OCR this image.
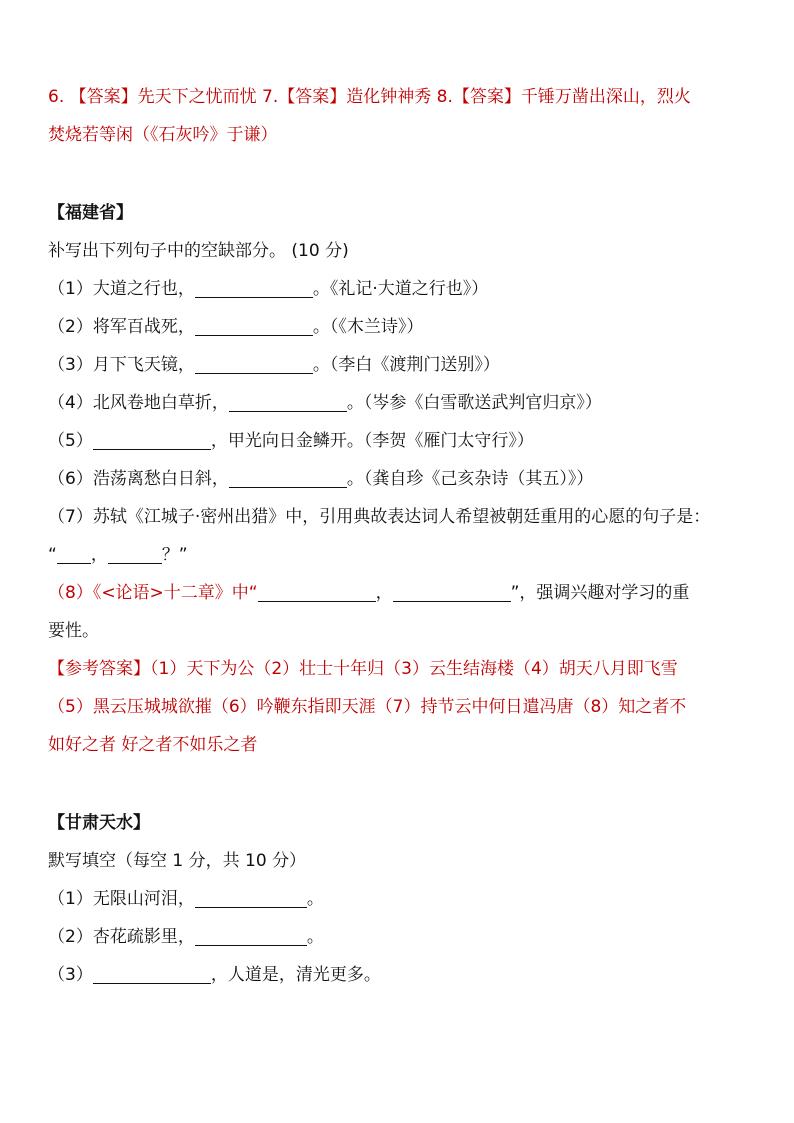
6. 【答案】先天下之忧而忧 7.【答案】造化钟神秀 8.【答案】千锤万凿出深山，烈火
焚烧若等闲（《石灰吟》于谦）
【福建省】
补写出下列句子中的空缺部分。 (10 分)
（1）大道之行也，	。《礼记·大道之行也》）
（2）将军百战死，	。（《木兰诗》）
（3）月下飞天镜，	。（李白《渡荆门送别》）
（4）北风卷地白草折，	。（岑参《白雪歌送武判官归京》）
（5）	，甲光向日金鳞开。（李贺《雁门太守行》）
（6）浩荡离愁白日斜，	。（龚自珍《己亥杂诗（其五）》）
（7）苏轼《江城子·密州出猎》中，引用典故表达词人希望被朝廷重用的心愿的句子是：
“ ，	？”
（8）《<论语>十二章》中“	，	”，强调兴趣对学习的重
要性。
【参考答案】（1）天下为公（2）壮士十年归（3）云生结海楼（4）胡天八月即飞雪
（5）黑云压城城欲摧（6）吟鞭东指即天涯（7）持节云中何日遣冯唐（8）知之者不
如好之者 好之者不如乐之者
【甘肃天水】
默写填空（每空 1 分，共 10 分）
（1）无限山河泪，	。
（2）杏花疏影里，	。
（3）	，人道是，清光更多。
